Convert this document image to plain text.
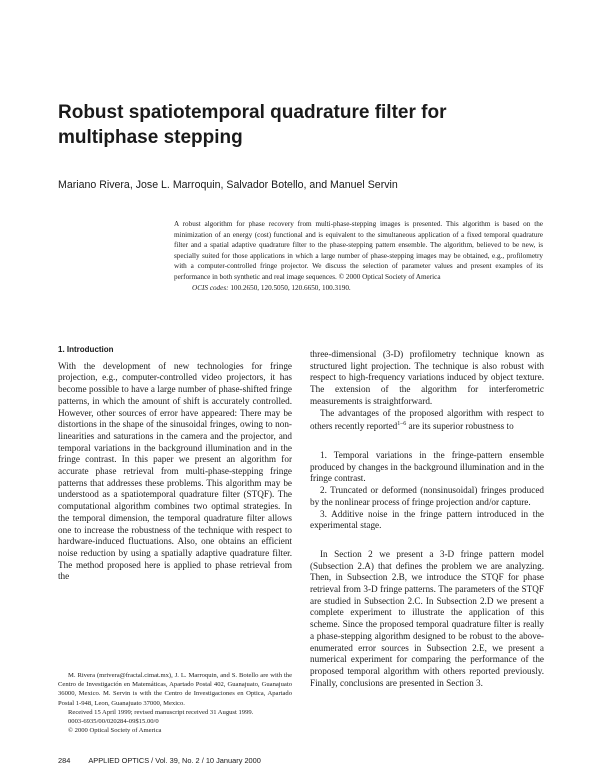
Robust spatiotemporal quadrature filter for
multiphase stepping
Mariano Rivera, Jose L. Marroquin, Salvador Botello, and Manuel Servin
A robust algorithm for phase recovery from multi-phase-stepping images is presented. This algorithm is based on the minimization of an energy (cost) functional and is equivalent to the simultaneous application of a fixed temporal quadrature filter and a spatial adaptive quadrature filter to the phase-stepping pattern ensemble. The algorithm, believed to be new, is specially suited for those applications in which a large number of phase-stepping images may be obtained, e.g., profilometry with a computer-controlled fringe projector. We discuss the selection of parameter values and present examples of its performance in both synthetic and real image sequences. © 2000 Optical Society of America
OCIS codes: 100.2650, 120.5050, 120.6650, 100.3190.
1. Introduction

With the development of new technologies for fringe projection, e.g., computer-controlled video projectors, it has become possible to have a large number of phase-shifted fringe patterns, in which the amount of shift is accurately controlled. However, other sources of error have appeared: There may be distortions in the shape of the sinusoidal fringes, owing to non-linearities and saturations in the camera and the projector, and temporal variations in the background illumination and in the fringe contrast. In this paper we present an algorithm for accurate phase retrieval from multi-phase-stepping fringe patterns that addresses these problems. This algorithm may be understood as a spatiotemporal quadrature filter (STQF). The computational algorithm combines two optimal strategies. In the temporal dimension, the temporal quadrature filter allows one to increase the robustness of the technique with respect to hardware-induced fluctuations. Also, one obtains an efficient noise reduction by using a spatially adaptive quadrature filter. The method proposed here is applied to phase retrieval from the

three-dimensional (3-D) profilometry technique known as structured light projection. The technique is also robust with respect to high-frequency variations induced by object texture. The extension of the algorithm for interferometric measurements is straightforward.

The advantages of the proposed algorithm with respect to others recently reported$^{1-6}$ are its superior robustness to

1. Temporal variations in the fringe-pattern ensemble produced by changes in the background illumination and in the fringe contrast.

2. Truncated or deformed (nonsinusoidal) fringes produced by the nonlinear process of fringe projection and/or capture.

3. Additive noise in the fringe pattern introduced in the experimental stage.

In Section 2 we present a 3-D fringe pattern model (Subsection 2.A) that defines the problem we are analyzing. Then, in Subsection 2.B, we introduce the STQF for phase retrieval from 3-D fringe patterns. The parameters of the STQF are studied in Subsection 2.C. In Subsection 2.D we present a complete experiment to illustrate the application of this scheme. Since the proposed temporal quadrature filter is really a phase-stepping algorithm designed to be robust to the above-enumerated error sources in Subsection 2.E, we present a numerical experiment for comparing the performance of the proposed temporal algorithm with others reported previously. Finally, conclusions are presented in Section 3.

M. Rivera (mrivera@fractal.cimat.mx), J. L. Marroquin, and S. Botello are with the Centro de Investigación en Matemáticas, Apartado Postal 402, Guanajuato, Guanajuato 36000, Mexico. M. Servin is with the Centro de Investigaciones en Optica, Apartado Postal 1-948, Leon, Guanajuato 37000, Mexico.

Received 15 April 1999; revised manuscript received 31 August 1999.

0003-6935/00/020284-09$15.00/0

© 2000 Optical Society of America

284 APPLIED OPTICS / Vol. 39, No. 2 / 10 January 2000
